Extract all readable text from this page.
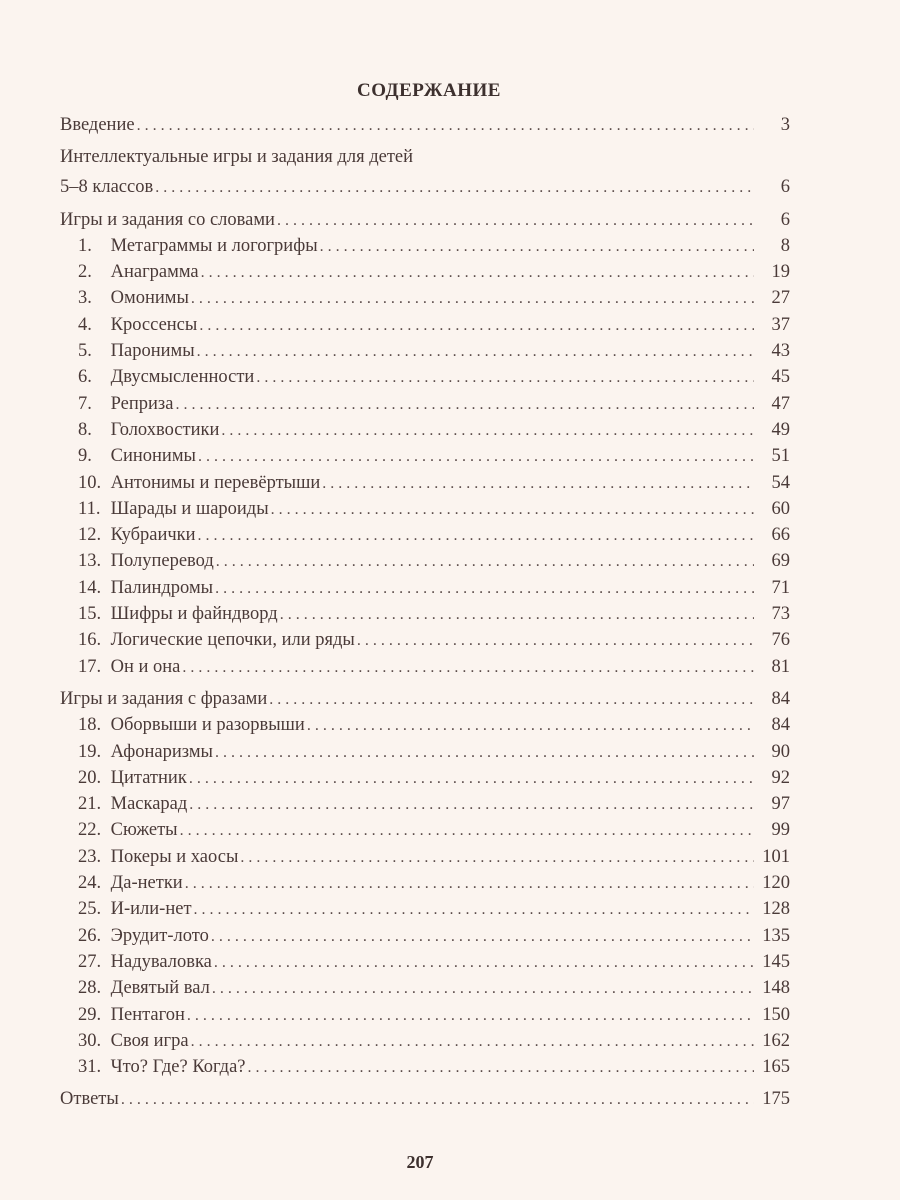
СОДЕРЖАНИЕ
Введение . . .	3
Интеллектуальные игры и задания для детей
5–8 классов . . .	6
Игры и задания со словами . . .	6
1. Метаграммы и логогрифы . . .	8
2. Анаграмма . . .	19
3. Омонимы . . .	27
4. Кроссенсы . . .	37
5. Паронимы . . .	43
6. Двусмысленности . . .	45
7. Реприза . . .	47
8. Голохвостики . . .	49
9. Синонимы . . .	51
10. Антонимы и перевёртыши . . .	54
11. Шарады и шароиды . . .	60
12. Кубраички . . .	66
13. Полуперевод . . .	69
14. Палиндромы . . .	71
15. Шифры и файндворд . . .	73
16. Логические цепочки, или ряды . . .	76
17. Он и она . . .	81
Игры и задания с фразами . . .	84
18. Оборвыши и разорвыши . . .	84
19. Афонаризмы . . .	90
20. Цитатник . . .	92
21. Маскарад . . .	97
22. Сюжеты . . .	99
23. Покеры и хаосы . . .	101
24. Да-нетки . . .	120
25. И-или-нет . . .	128
26. Эрудит-лото . . .	135
27. Надуваловка . . .	145
28. Девятый вал . . .	148
29. Пентагон . . .	150
30. Своя игра . . .	162
31. Что? Где? Когда? . . .	165
Ответы . . .	175
207
